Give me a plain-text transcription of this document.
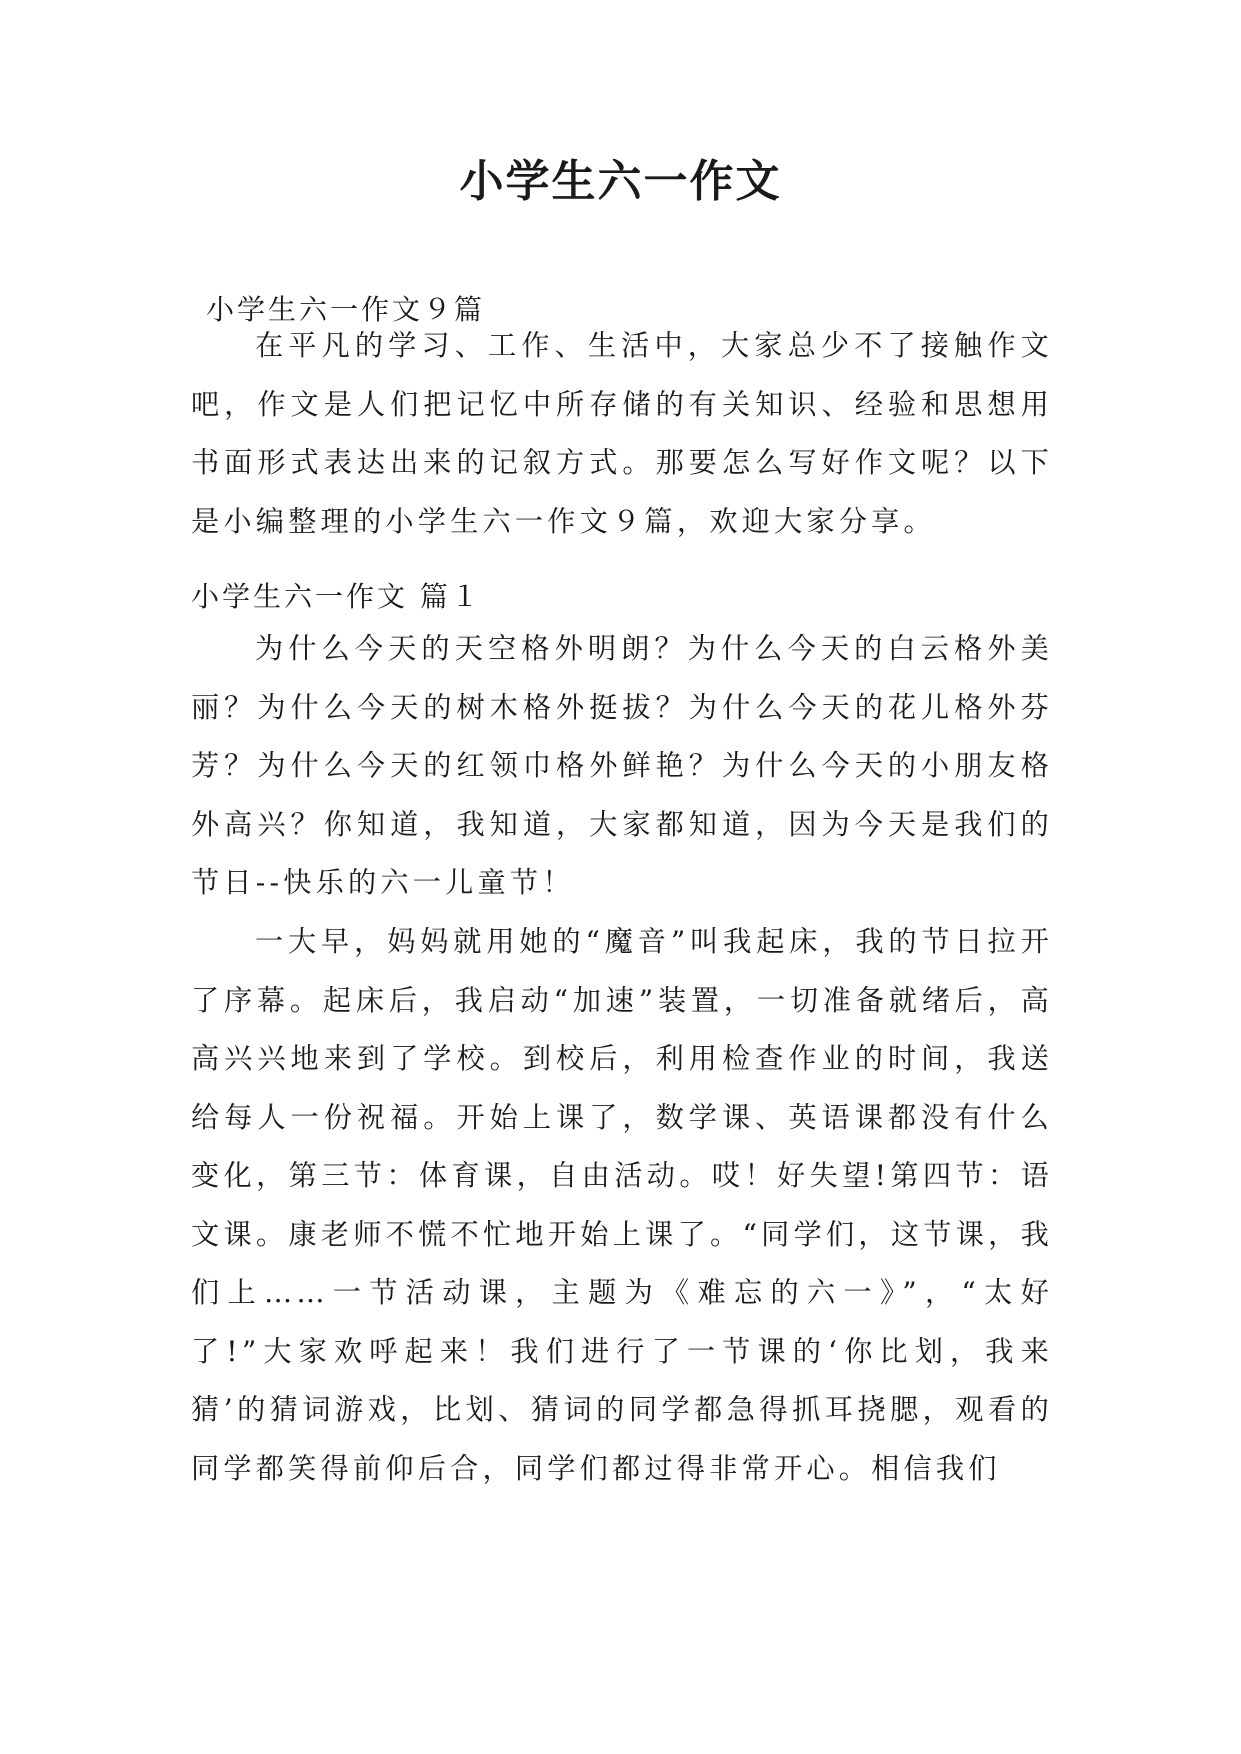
小学生六一作文

小学生六一作文９篇

在平凡的学习、工作、生活中，大家总少不了接触作文吧，作文是人们把记忆中所存储的有关知识、经验和思想用书面形式表达出来的记叙方式。那要怎么写好作文呢？以下是小编整理的小学生六一作文９篇，欢迎大家分享。

小学生六一作文 篇１

为什么今天的天空格外明朗？为什么今天的白云格外美丽？为什么今天的树木格外挺拔？为什么今天的花儿格外芬芳？为什么今天的红领巾格外鲜艳？为什么今天的小朋友格外高兴？你知道，我知道，大家都知道，因为今天是我们的节日--快乐的六一儿童节！

一大早，妈妈就用她的“魔音”叫我起床，我的节日拉开了序幕。起床后，我启动“加速”装置，一切准备就绪后，高高兴兴地来到了学校。到校后，利用检查作业的时间，我送给每人一份祝福。开始上课了，数学课、英语课都没有什么变化，第三节：体育课，自由活动。哎！好失望!第四节：语文课。康老师不慌不忙地开始上课了。“同学们，这节课，我们上……一节活动课，主题为《难忘的六一》”，“太好了!”大家欢呼起来！我们进行了一节课的‘你比划，我来猜’的猜词游戏，比划、猜词的同学都急得抓耳挠腮，观看的同学都笑得前仰后合，同学们都过得非常开心。相信我们
